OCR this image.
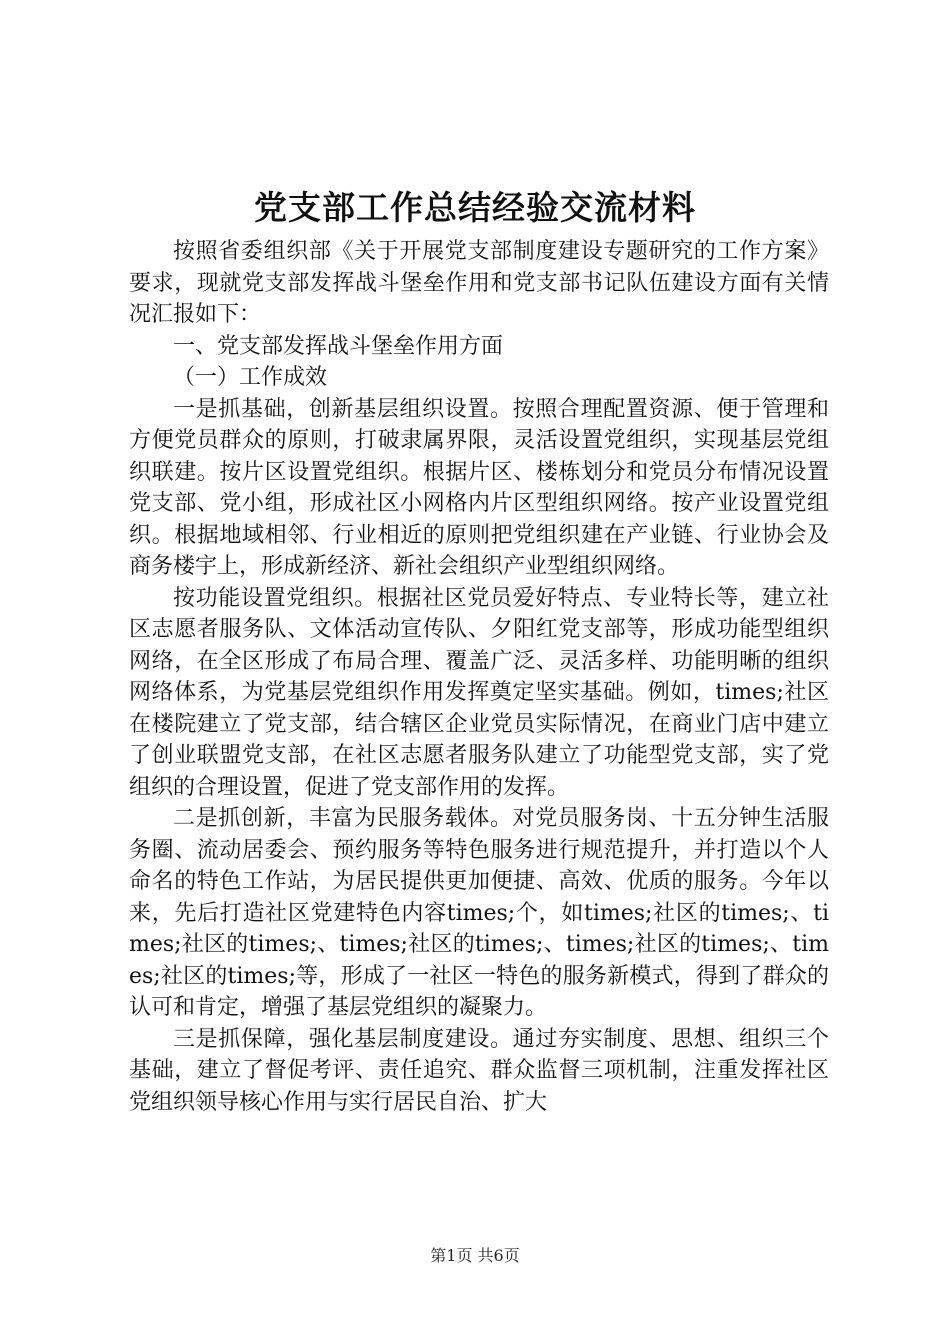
党支部工作总结经验交流材料

按照省委组织部《关于开展党支部制度建设专题研究的工作方案》要求，现就党支部发挥战斗堡垒作用和党支部书记队伍建设方面有关情况汇报如下：

一、党支部发挥战斗堡垒作用方面

（一）工作成效

一是抓基础，创新基层组织设置。按照合理配置资源、便于管理和方便党员群众的原则，打破隶属界限，灵活设置党组织，实现基层党组织联建。按片区设置党组织。根据片区、楼栋划分和党员分布情况设置党支部、党小组，形成社区小网格内片区型组织网络。按产业设置党组织。根据地域相邻、行业相近的原则把党组织建在产业链、行业协会及商务楼宇上，形成新经济、新社会组织产业型组织网络。

按功能设置党组织。根据社区党员爱好特点、专业特长等，建立社区志愿者服务队、文体活动宣传队、夕阳红党支部等，形成功能型组织网络，在全区形成了布局合理、覆盖广泛、灵活多样、功能明晰的组织网络体系，为党基层党组织作用发挥奠定坚实基础。例如，times;社区在楼院建立了党支部，结合辖区企业党员实际情况，在商业门店中建立了创业联盟党支部，在社区志愿者服务队建立了功能型党支部，实了党组织的合理设置，促进了党支部作用的发挥。

二是抓创新，丰富为民服务载体。对党员服务岗、十五分钟生活服务圈、流动居委会、预约服务等特色服务进行规范提升，并打造以个人命名的特色工作站，为居民提供更加便捷、高效、优质的服务。今年以来，先后打造社区党建特色内容times;个，如times;社区的times;、times;社区的times;、times;社区的times;、times;社区的times;、times;社区的times;等，形成了一社区一特色的服务新模式，得到了群众的认可和肯定，增强了基层党组织的凝聚力。

三是抓保障，强化基层制度建设。通过夯实制度、思想、组织三个基础，建立了督促考评、责任追究、群众监督三项机制，注重发挥社区党组织领导核心作用与实行居民自治、扩大

第1页 共6页
